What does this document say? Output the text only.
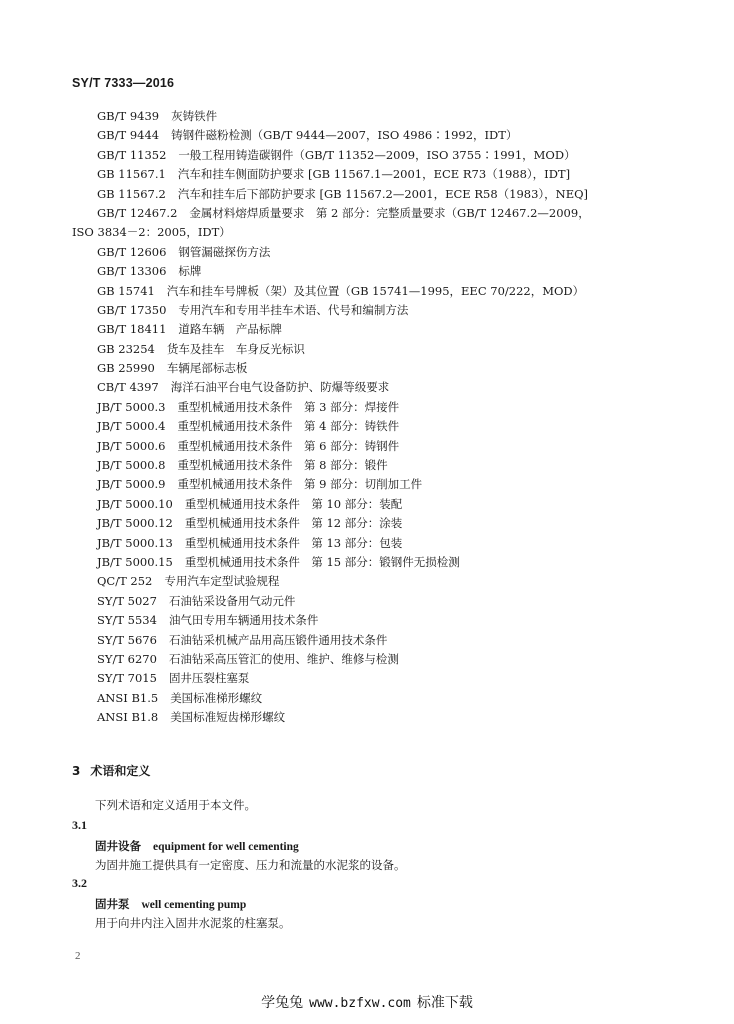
SY/T 7333—2016
GB/T 9439 灰铸铁件
GB/T 9444 铸钢件磁粉检测（GB/T 9444—2007，ISO 4986∶1992，IDT）
GB/T 11352 一般工程用铸造碳钢件（GB/T 11352—2009，ISO 3755∶1991，MOD）
GB 11567.1 汽车和挂车侧面防护要求 [GB 11567.1—2001，ECE R73（1988），IDT]
GB 11567.2 汽车和挂车后下部防护要求 [GB 11567.2—2001，ECE R58（1983），NEQ]
GB/T 12467.2 金属材料熔焊质量要求　第 2 部分：完整质量要求（GB/T 12467.2—2009，
ISO 3834－2：2005，IDT）
GB/T 12606 钢管漏磁探伤方法
GB/T 13306 标牌
GB 15741 汽车和挂车号牌板（架）及其位置（GB 15741—1995，EEC 70/222，MOD）
GB/T 17350 专用汽车和专用半挂车术语、代号和编制方法
GB/T 18411 道路车辆　产品标牌
GB 23254 货车及挂车　车身反光标识
GB 25990 车辆尾部标志板
CB/T 4397 海洋石油平台电气设备防护、防爆等级要求
JB/T 5000.3 重型机械通用技术条件　第 3 部分：焊接件
JB/T 5000.4 重型机械通用技术条件　第 4 部分：铸铁件
JB/T 5000.6 重型机械通用技术条件　第 6 部分：铸钢件
JB/T 5000.8 重型机械通用技术条件　第 8 部分：锻件
JB/T 5000.9 重型机械通用技术条件　第 9 部分：切削加工件
JB/T 5000.10 重型机械通用技术条件　第 10 部分：装配
JB/T 5000.12 重型机械通用技术条件　第 12 部分：涂装
JB/T 5000.13 重型机械通用技术条件　第 13 部分：包装
JB/T 5000.15 重型机械通用技术条件　第 15 部分：锻钢件无损检测
QC/T 252 专用汽车定型试验规程
SY/T 5027 石油钻采设备用气动元件
SY/T 5534 油气田专用车辆通用技术条件
SY/T 5676 石油钻采机械产品用高压锻件通用技术条件
SY/T 6270 石油钻采高压管汇的使用、维护、维修与检测
SY/T 7015 固井压裂柱塞泵
ANSI B1.5 美国标准梯形螺纹
ANSI B1.8 美国标准短齿梯形螺纹
3 术语和定义
下列术语和定义适用于本文件。
3.1
固井设备 equipment for well cementing
为固井施工提供具有一定密度、压力和流量的水泥浆的设备。
3.2
固井泵 well cementing pump
用于向井内注入固井水泥浆的柱塞泵。
2
学兔兔 www.bzfxw.com 标准下载
